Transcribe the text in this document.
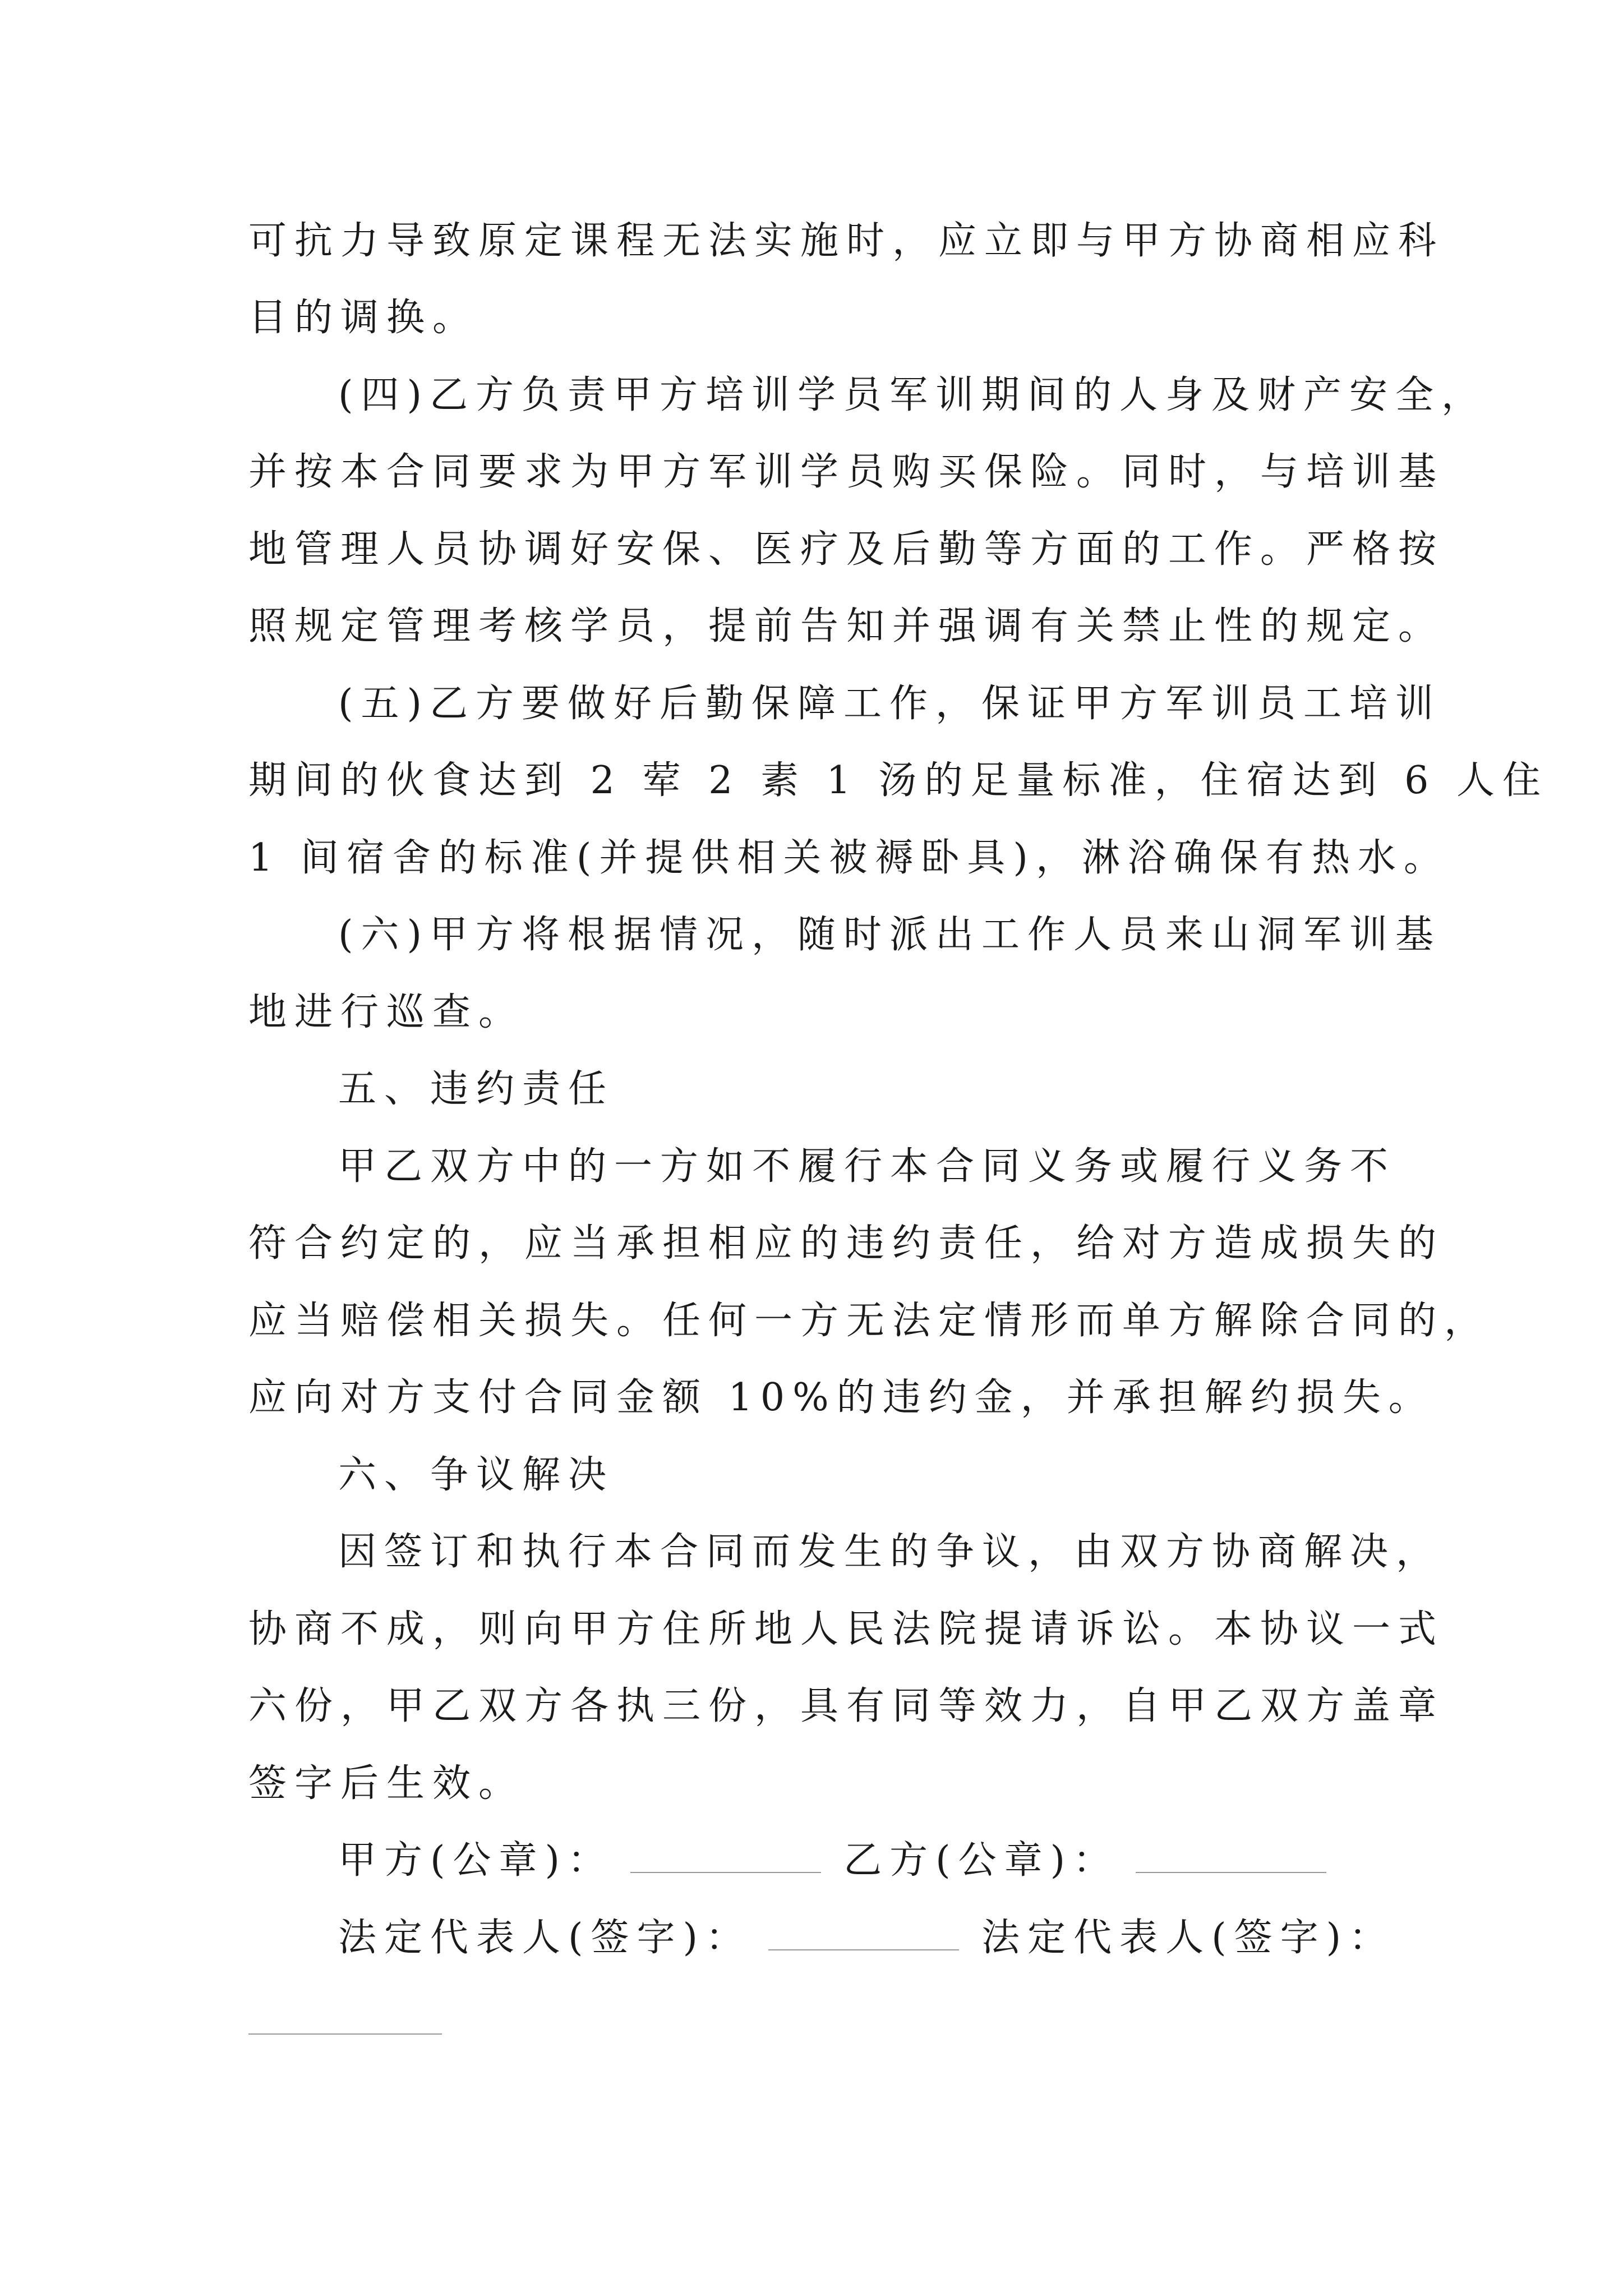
可抗力导致原定课程无法实施时，应立即与甲方协商相应科
目的调换。
(四)乙方负责甲方培训学员军训期间的人身及财产安全，
并按本合同要求为甲方军训学员购买保险。同时，与培训基
地管理人员协调好安保、医疗及后勤等方面的工作。严格按
照规定管理考核学员，提前告知并强调有关禁止性的规定。
(五)乙方要做好后勤保障工作，保证甲方军训员工培训
期间的伙食达到 2 荤 2 素 1 汤的足量标准，住宿达到 6 人住
1 间宿舍的标准(并提供相关被褥卧具)，淋浴确保有热水。
(六)甲方将根据情况，随时派出工作人员来山洞军训基
地进行巡查。
五、违约责任
甲乙双方中的一方如不履行本合同义务或履行义务不
符合约定的，应当承担相应的违约责任，给对方造成损失的
应当赔偿相关损失。任何一方无法定情形而单方解除合同的，
应向对方支付合同金额 10%的违约金，并承担解约损失。
六、争议解决
因签订和执行本合同而发生的争议，由双方协商解决，
协商不成，则向甲方住所地人民法院提请诉讼。本协议一式
六份，甲乙双方各执三份，具有同等效力，自甲乙双方盖章
签字后生效。
甲方(公章)：	乙方(公章)：
法定代表人(签字)：	法定代表人(签字)：
